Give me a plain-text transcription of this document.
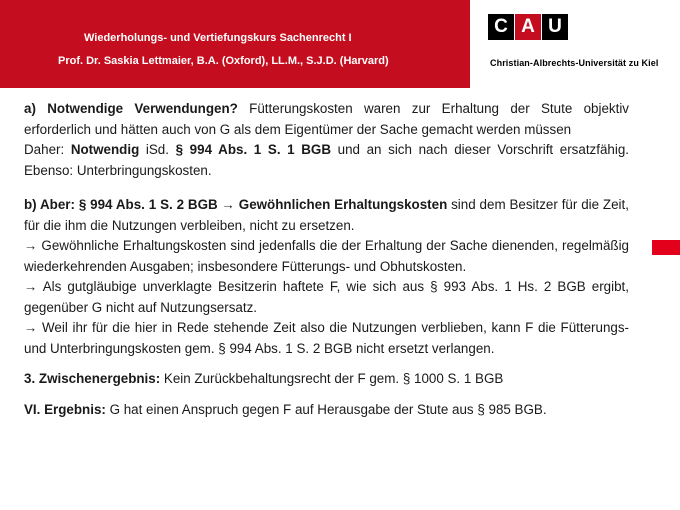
Wiederholungs- und Vertiefungskurs Sachenrecht I
Prof. Dr. Saskia Lettmaier, B.A. (Oxford), LL.M., S.J.D. (Harvard)
C A U
Christian-Albrechts-Universität zu Kiel

a) Notwendige Verwendungen? Fütterungskosten waren zur Erhaltung der Stute objektiv erforderlich und hätten auch von G als dem Eigentümer der Sache gemacht werden müssen

Daher: Notwendig iSd. § 994 Abs. 1 S. 1 BGB und an sich nach dieser Vorschrift ersatzfähig. Ebenso: Unterbringungskosten.

b) Aber: § 994 Abs. 1 S. 2 BGB → Gewöhnlichen Erhaltungskosten sind dem Besitzer für die Zeit, für die ihm die Nutzungen verbleiben, nicht zu ersetzen.

→ Gewöhnliche Erhaltungskosten sind jedenfalls die der Erhaltung der Sache dienenden, regelmäßig wiederkehrenden Ausgaben; insbesondere Fütterungs- und Obhutskosten.

→ Als gutgläubige unverklagte Besitzerin haftete F, wie sich aus § 993 Abs. 1 Hs. 2 BGB ergibt, gegenüber G nicht auf Nutzungsersatz.

→ Weil ihr für die hier in Rede stehende Zeit also die Nutzungen verblieben, kann F die Fütterungs- und Unterbringungskosten gem. § 994 Abs. 1 S. 2 BGB nicht ersetzt verlangen.

3. Zwischenergebnis: Kein Zurückbehaltungsrecht der F gem. § 1000 S. 1 BGB

VI. Ergebnis: G hat einen Anspruch gegen F auf Herausgabe der Stute aus § 985 BGB.
